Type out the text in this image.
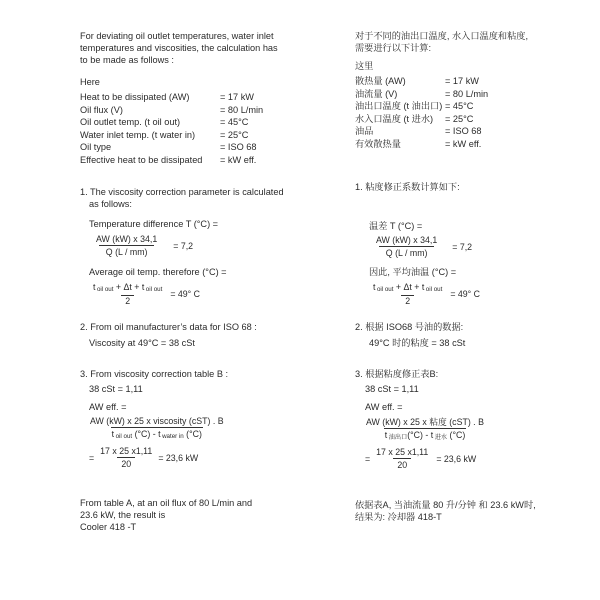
For deviating oil outlet temperatures, water inlet
temperatures and viscosities, the calculation has
to be made as follows :
Here
Heat to be dissipated (AW)	= 17 kW
Oil flux (V)	= 80 L/min
Oil outlet temp. (t oil out)	= 45°C
Water inlet temp. (t water in)	= 25°C
Oil type	= ISO 68
Effective heat to be dissipated	= kW eff.
1. The viscosity correction parameter is calculated
as follows:
Temperature difference T (°C) =
$\frac{AW (kW) x 34,1}{Q (L / mm)} = 7,2$
Average oil temp. therefore (°C) =
$\frac{\text{t oil out + Δt + t oil out}}{2} = 49^\circ$ C
2. From oil manufacturer’s data for ISO 68 :
Viscosity at 49°C = 38 cSt
3. From viscosity correction table B :
38 cSt = 1,11
AW eff. =
$\frac{\text{AW (kW) x 25 x viscosity (cST) . B}}{\text{t oil out (°C) - t water in (°C)}}$
= $\frac{17 x 25 x1,11}{20} = 23,6$ kW
From table A, at an oil flux of 80 L/min and
23.6 kW, the result is
Cooler 418 -T
对于不同的油出口温度, 水入口温度和粘度,
需要进行以下计算:
这里
散热量 (AW)	= 17 kW
油流量 (V)	= 80 L/min
油出口温度 (t 油出口) = 45°C
水入口温度 (t 进水)	= 25°C
油品	= ISO 68
有效散热量	= kW eff.
1. 粘度修正系数计算如下:
温差 T (°C) =
$\frac{AW (kW) x 34,1}{Q (L / mm)} = 7,2$
因此, 平均油温 (°C) =
$\frac{\text{t oil out + Δt + t oil out}}{2} = 49^\circ$ C
2. 根据 ISO68 号油的数据:
49°C 时的粘度 = 38 cSt
3. 根据粘度修正表B:
38 cSt = 1,11
AW eff. =
$\frac{\text{AW (kW) x 25 x 粘度 (cST) . B}}{\text{t 油出口(°C) - t 进水 (°C)}}$
= $\frac{17 x 25 x1,11}{20} = 23,6$ kW
依据表A, 当油流量 80 升/分钟 和 23.6 kW时,
结果为: 冷却器 418-T
